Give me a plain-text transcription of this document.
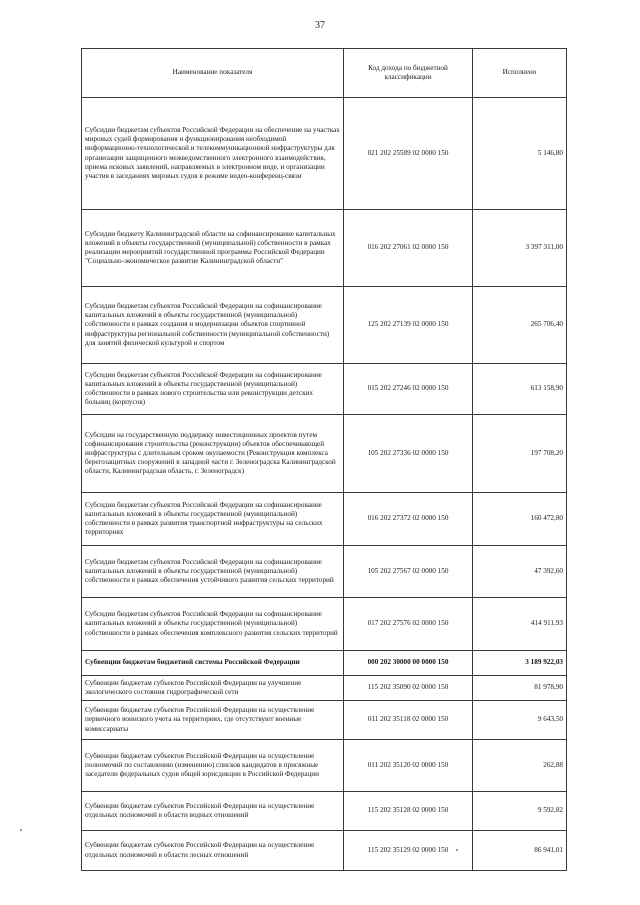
37
Наименование показателя	Код дохода по бюджетной классификации	Исполнено
Субсидии бюджетам субъектов Российской Федерации на обеспечение на участках мировых судей формирования и функционирования необходимой информационно-технологической и телекоммуникационной инфраструктуры для организации защищенного межведомственного электронного взаимодействия, приема исковых заявлений, направляемых в электронном виде, и организации участия в заседаниях мировых судов в режиме видео-конференц-связи	021 202 25589 02 0000 150	5 146,80
Субсидии бюджету Калининградской области на софинансирование капитальных вложений в объекты государственной (муниципальной) собственности в рамках реализации мероприятий государственной программы Российской Федерации "Социально-экономическое развитие Калининградской области"	016 202 27061 02 0000 150	3 397 311,00
Субсидии бюджетам субъектов Российской Федерации на софинансирование капитальных вложений в объекты государственной (муниципальной) собственности в рамках создания и модернизации объектов спортивной инфраструктуры региональной собственности (муниципальной собственности) для занятий физической культурой и спортом	125 202 27139 02 0000 150	265 706,40
Субсидии бюджетам субъектов Российской Федерации на софинансирование капитальных вложений в объекты государственной (муниципальной) собственности в рамках нового строительства или реконструкции детских больниц (корпусов)	015 202 27246 02 0000 150	613 158,90
Субсидии на государственную поддержку инвестиционных проектов путем софинансирования строительства (реконструкции) объектов обеспечивающей инфраструктуры с длительным сроком окупаемости (Реконструкция комплекса берегозащитных сооружений в западной части г. Зеленоградска Калининградской области, Калининградская область, г. Зеленоградск)	105 202 27336 02 0000 150	197 708,20
Субсидии бюджетам субъектов Российской Федерации на софинансирование капитальных вложений в объекты государственной (муниципальной) собственности в рамках развития транспортной инфраструктуры на сельских территориях	016 202 27372 02 0000 150	160 472,80
Субсидии бюджетам субъектов Российской Федерации на софинансирование капитальных вложений в объекты государственной (муниципальной) собственности в рамках обеспечения устойчивого развития сельских территорий	105 202 27567 02 0000 150	47 392,60
Субсидии бюджетам субъектов Российской Федерации на софинансирование капитальных вложений в объекты государственной (муниципальной) собственности в рамках обеспечения комплексного развития сельских территорий	017 202 27576 02 0000 150	414 911,93
Субвенции бюджетам бюджетной системы Российской Федерации	000 202 30000 00 0000 150	3 189 922,03
Субвенции бюджетам субъектов Российской Федерации на улучшение экологического состояния гидрографической сети	115 202 35090 02 0000 150	81 978,90
Субвенции бюджетам субъектов Российской Федерации на осуществление первичного воинского учета на территориях, где отсутствуют военные комиссариаты	011 202 35118 02 0000 150	9 643,50
Субвенции бюджетам субъектов Российской Федерации на осуществление полномочий по составлению (изменению) списков кандидатов в присяжные заседатели федеральных судов общей юрисдикции в Российской Федерации	011 202 35120 02 0000 150	262,88
Субвенции бюджетам субъектов Российской Федерации на осуществление отдельных полномочий в области водных отношений	115 202 35128 02 0000 150	9 592,82
Субвенции бюджетам субъектов Российской Федерации на осуществление отдельных полномочий в области лесных отношений	115 202 35129 02 0000 150	86 941,01
